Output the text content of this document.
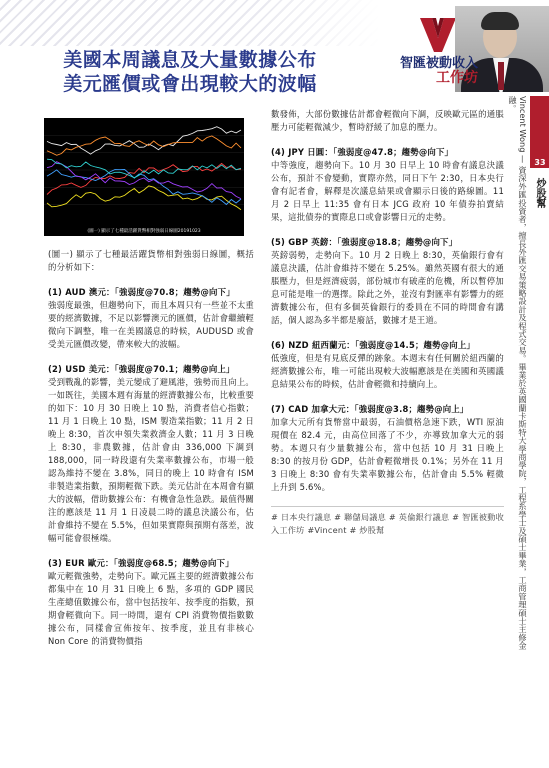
美國本周議息及大量數據公布
美元匯價或會出現較大的波幅
智匯被動收入
工作坊
33
炒股幫
Vincent Wong — 資深外匯投資者，擅長外匯交易策略設計及程式交易。畢業於英國蘭卡斯特大學商學院，工程系學士及碩士畢業，工商管理碩士主修金融。
(圖一) 顯示了七種最活躍貨幣相對強弱日線圖20191023

(圖一) 顯示了七種最活躍貨幣相對強弱日線圖，概括的分析如下：

(1) AUD 澳元：「強弱度@70.8；趨勢@向下」
強弱度最強，但趨勢向下，而且本周只有一些並不太重要的經濟數據，不足以影響澳元的匯價，估計會繼續輕微向下調整，唯一在美國議息的時候，AUDUSD 或會受美元匯價改變，帶來較大的波幅。

(2) USD 美元：「強弱度@70.1；趨勢@向上」
受到戰亂的影響，美元變成了避風港，強勢而且向上。一如既往，美國本週有海量的經濟數據公布，比較重要的如下：10 月 30 日晚上 10 點，消費者信心指數；11 月 1 日晚上 10 點，ISM 製造業指數；11 月 2 日晚上 8:30，首次申領失業救濟金人數；11 月 3 日晚上 8:30，非農數據，估計會由 336,000 下調到 188,000，同一時段還有失業率數據公布，市場一般認為維持不變在 3.8%，同日的晚上 10 時會有 ISM 非製造業指數，預期輕微下跌。美元估計在本周會有顯大的波幅，借助數據公布：有機會急性急跌。最值得關注的應該是 11 月 1 日凌晨二時的議息決議公布，估計會維持不變在 5.5%，但如果實際與預期有落差，波幅可能會很極端。

(3) EUR 歐元：「強弱度@68.5；趨勢@向下」
歐元輕微強勢，走勢向下。歐元區主要的經濟數據公布都集中在 10 月 31 日晚上 6 點，多項的 GDP 國民生產總值數據公布，當中包括按年、按季度的指數，預期會輕微向下。同一時間，還有 CPI 消費物價指數數據公布，同樣會宣佈按年、按季度，並且有非核心 Non Core 的消費物價指

數發佈，大部份數據估計都會輕微向下調，反映歐元區的通脹壓力可能輕微減少，暫時舒緩了加息的壓力。

(4) JPY 日圓：「強弱度@47.8；趨勢@向下」
中等強度，趨勢向下。10 月 30 日早上 10 時會有議息決議公布，預計不會變動，實際亦然，同日下午 2:30，日本央行會有記者會，解釋是次議息結果或會顯示日後的路線圖。11 月 2 日早上 11:35 會有日本 JCG 政府 10 年債券拍賣結果，這批債券的實際息口或會影響日元的走勢。

(5) GBP 英鎊：「強弱度@18.8；趨勢@向下」
英鎊弱勢，走勢向下。10 月 2 日晚上 8:30，英倫銀行會有議息決議，估計會維持不變在 5.25%。雖然英國有很大的通脹壓力，但是經濟疲弱，部份城市有破產的危機，所以暫停加息可能是唯一的選擇。除此之外，並沒有對匯率有影響力的經濟數據公布，但有多個英倫銀行的委員在不同的時間會有講話，個人認為多半都是廢話，數據才是王道。

(6) NZD 紐西蘭元：「強弱度@14.5；趨勢@向上」
低強度，但是有見底反彈的跡象。本週末有任何關於紐西蘭的經濟數據公布，唯一可能出現較大波幅應該是在美國和英國議息結果公布的時候，估計會輕微和持續向上。

(7) CAD 加拿大元：「強弱度@3.8；趨勢@向上」
加拿大元所有貨幣當中最弱，石油價格急速下跌，WTI 原油現價在 82.4 元，由高位回落了不少，亦導致加拿大元的弱勢。本週只有少量數據公布，當中包括 10 月 31 日晚上 8:30 的按月份 GDP，估計會輕微增長 0.1%；另外在 11 月 3 日晚上 8:30 會有失業率數據公布，估計會由 5.5% 輕微上升到 5.6%。

# 日本央行議息 # 聯儲局議息 # 英倫銀行議息 # 智匯被動收入工作坊 #Vincent # 炒股幫
